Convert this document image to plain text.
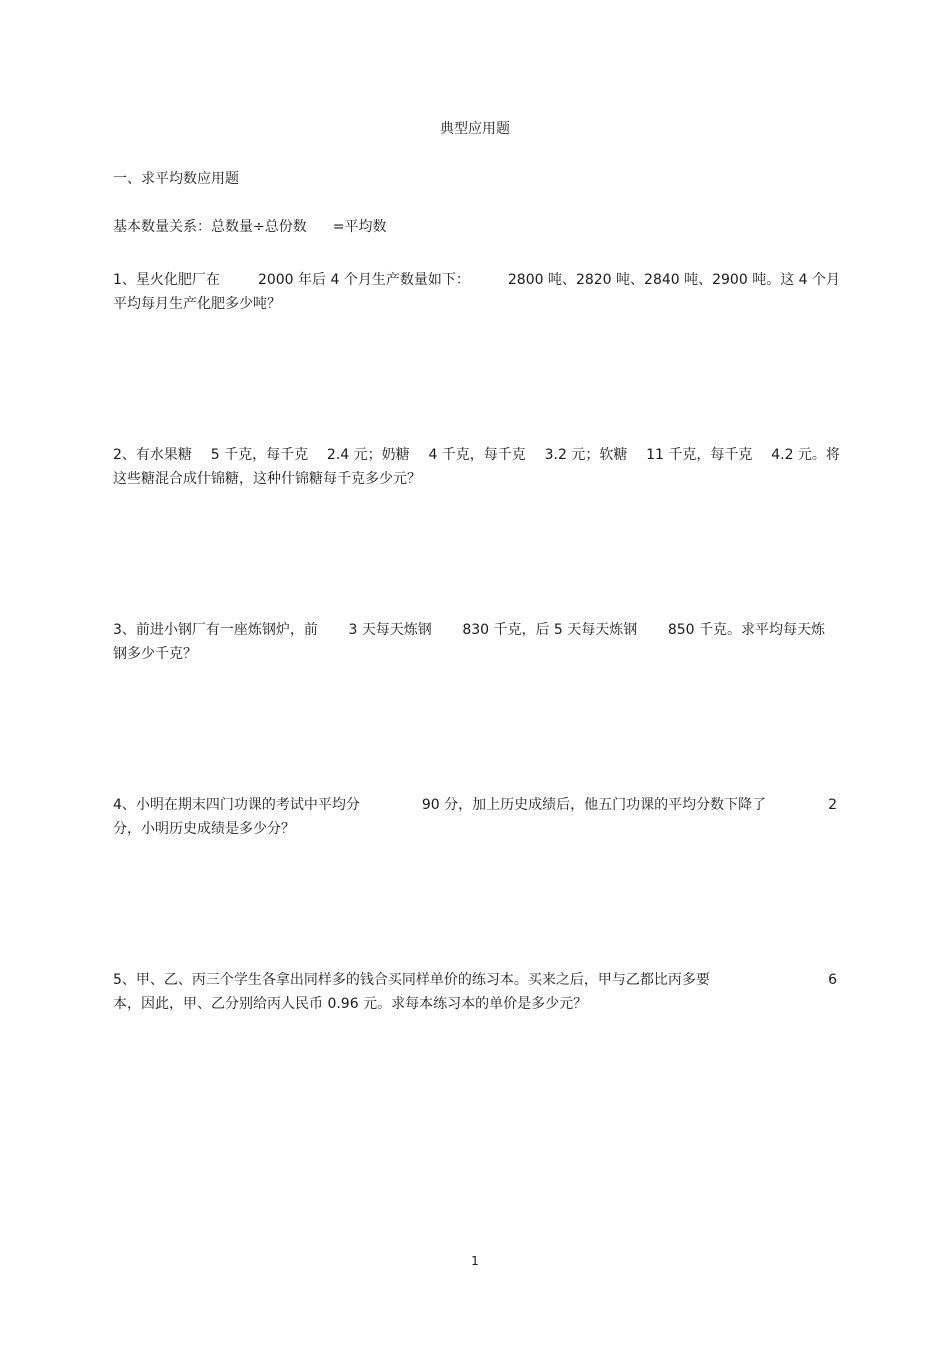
典型应用题
一、求平均数应用题
基本数量关系：总数量÷总份数 =平均数
1、星火化肥厂在	2000 年后 4 个月生产数量如下：	2800 吨、2820 吨、2840 吨、2900 吨。这 4 个月
平均每月生产化肥多少吨？
2、有水果糖 5 千克，每千克 2.4 元；奶糖 4 千克，每千克 3.2 元；软糖 11 千克，每千克 4.2 元。将
这些糖混合成什锦糖，这种什锦糖每千克多少元？
3、前进小钢厂有一座炼钢炉，前 3 天每天炼钢 830 千克，后 5 天每天炼钢 850 千克。求平均每天炼
钢多少千克？
4、小明在期末四门功课的考试中平均分	90 分，加上历史成绩后，他五门功课的平均分数下降了	2
分，小明历史成绩是多少分？
5、甲、乙、丙三个学生各拿出同样多的钱合买同样单价的练习本。买来之后，甲与乙都比丙多要	6
本，因此，甲、乙分别给丙人民币 0.96 元。求每本练习本的单价是多少元？
1
